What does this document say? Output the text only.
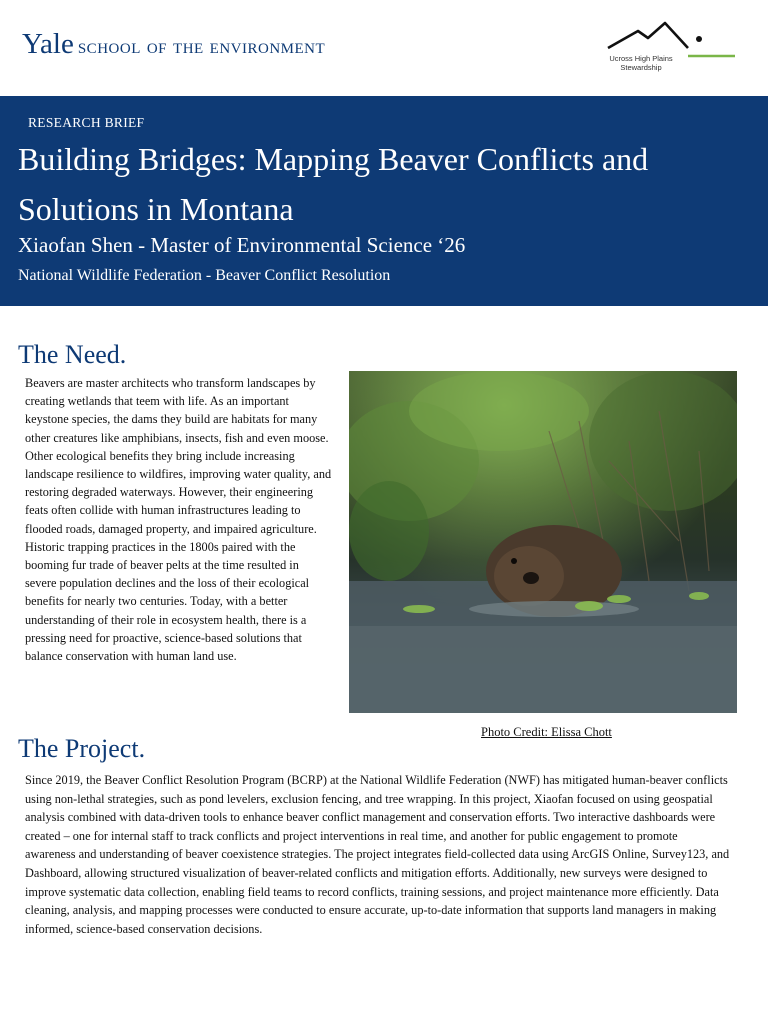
Yale school of the environment
Ucross High Plains
Stewardship
RESEARCH BRIEF
Building Bridges: Mapping Beaver Conflicts and Solutions in Montana
Xiaofan Shen - Master of Environmental Science ‘26
National Wildlife Federation - Beaver Conflict Resolution
The Need.
Beavers are master architects who transform landscapes by creating wetlands that teem with life. As an important keystone species, the dams they build are habitats for many other creatures like amphibians, insects, fish and even moose. Other ecological benefits they bring include increasing landscape resilience to wildfires, improving water quality, and restoring degraded waterways. However, their engineering feats often collide with human infrastructures leading to flooded roads, damaged property, and impaired agriculture. Historic trapping practices in the 1800s paired with the booming fur trade of beaver pelts at the time resulted in severe population declines and the loss of their ecological benefits for nearly two centuries. Today, with a better understanding of their role in ecosystem health, there is a pressing need for proactive, science-based solutions that balance conservation with human land use.
Photo Credit: Elissa Chott
The Project.
Since 2019, the Beaver Conflict Resolution Program (BCRP) at the National Wildlife Federation (NWF) has mitigated human-beaver conflicts using non-lethal strategies, such as pond levelers, exclusion fencing, and tree wrapping. In this project, Xiaofan focused on using geospatial analysis combined with data-driven tools to enhance beaver conflict management and conservation efforts. Two interactive dashboards were created – one for internal staff to track conflicts and project interventions in real time, and another for public engagement to promote awareness and understanding of beaver coexistence strategies. The project integrates field-collected data using ArcGIS Online, Survey123, and Dashboard, allowing structured visualization of beaver-related conflicts and mitigation efforts. Additionally, new surveys were designed to improve systematic data collection, enabling field teams to record conflicts, training sessions, and project maintenance more efficiently. Data cleaning, analysis, and mapping processes were conducted to ensure accurate, up-to-date information that supports land managers in making informed, science-based conservation decisions.
